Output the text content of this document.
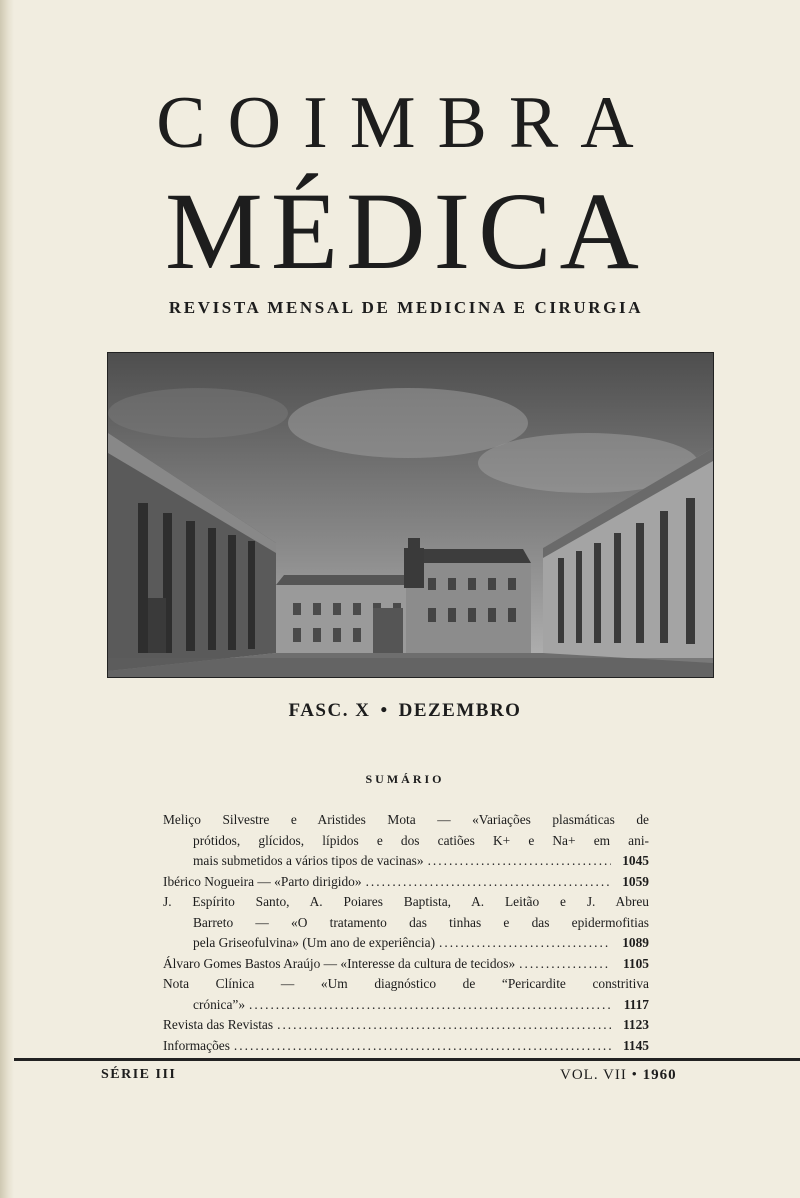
COIMBRA
MÉDICA
REVISTA MENSAL DE MEDICINA E CIRURGIA
FASC. X • DEZEMBRO
SUMÁRIO
Meliço Silvestre e Aristides Mota — «Variações plasmáticas de
prótidos, glícidos, lípidos e dos catiões K+ e Na+ em ani-
mais submetidos a vários tipos de vacinas» .....	1045
Ibérico Nogueira — «Parto dirigido» .....	1059
J. Espírito Santo, A. Poiares Baptista, A. Leitão e J. Abreu
Barreto — «O tratamento das tinhas e das epidermofitias
pela Griseofulvina» (Um ano de experiência) .....	1089
Álvaro Gomes Bastos Araújo — «Interesse da cultura de tecidos» .....	1105
Nota Clínica — «Um diagnóstico de “Pericardite constritiva
crónica”» .....	1117
Revista das Revistas .....	1123
Informações .....	1145
SÉRIE III	VOL. VII • 1960
